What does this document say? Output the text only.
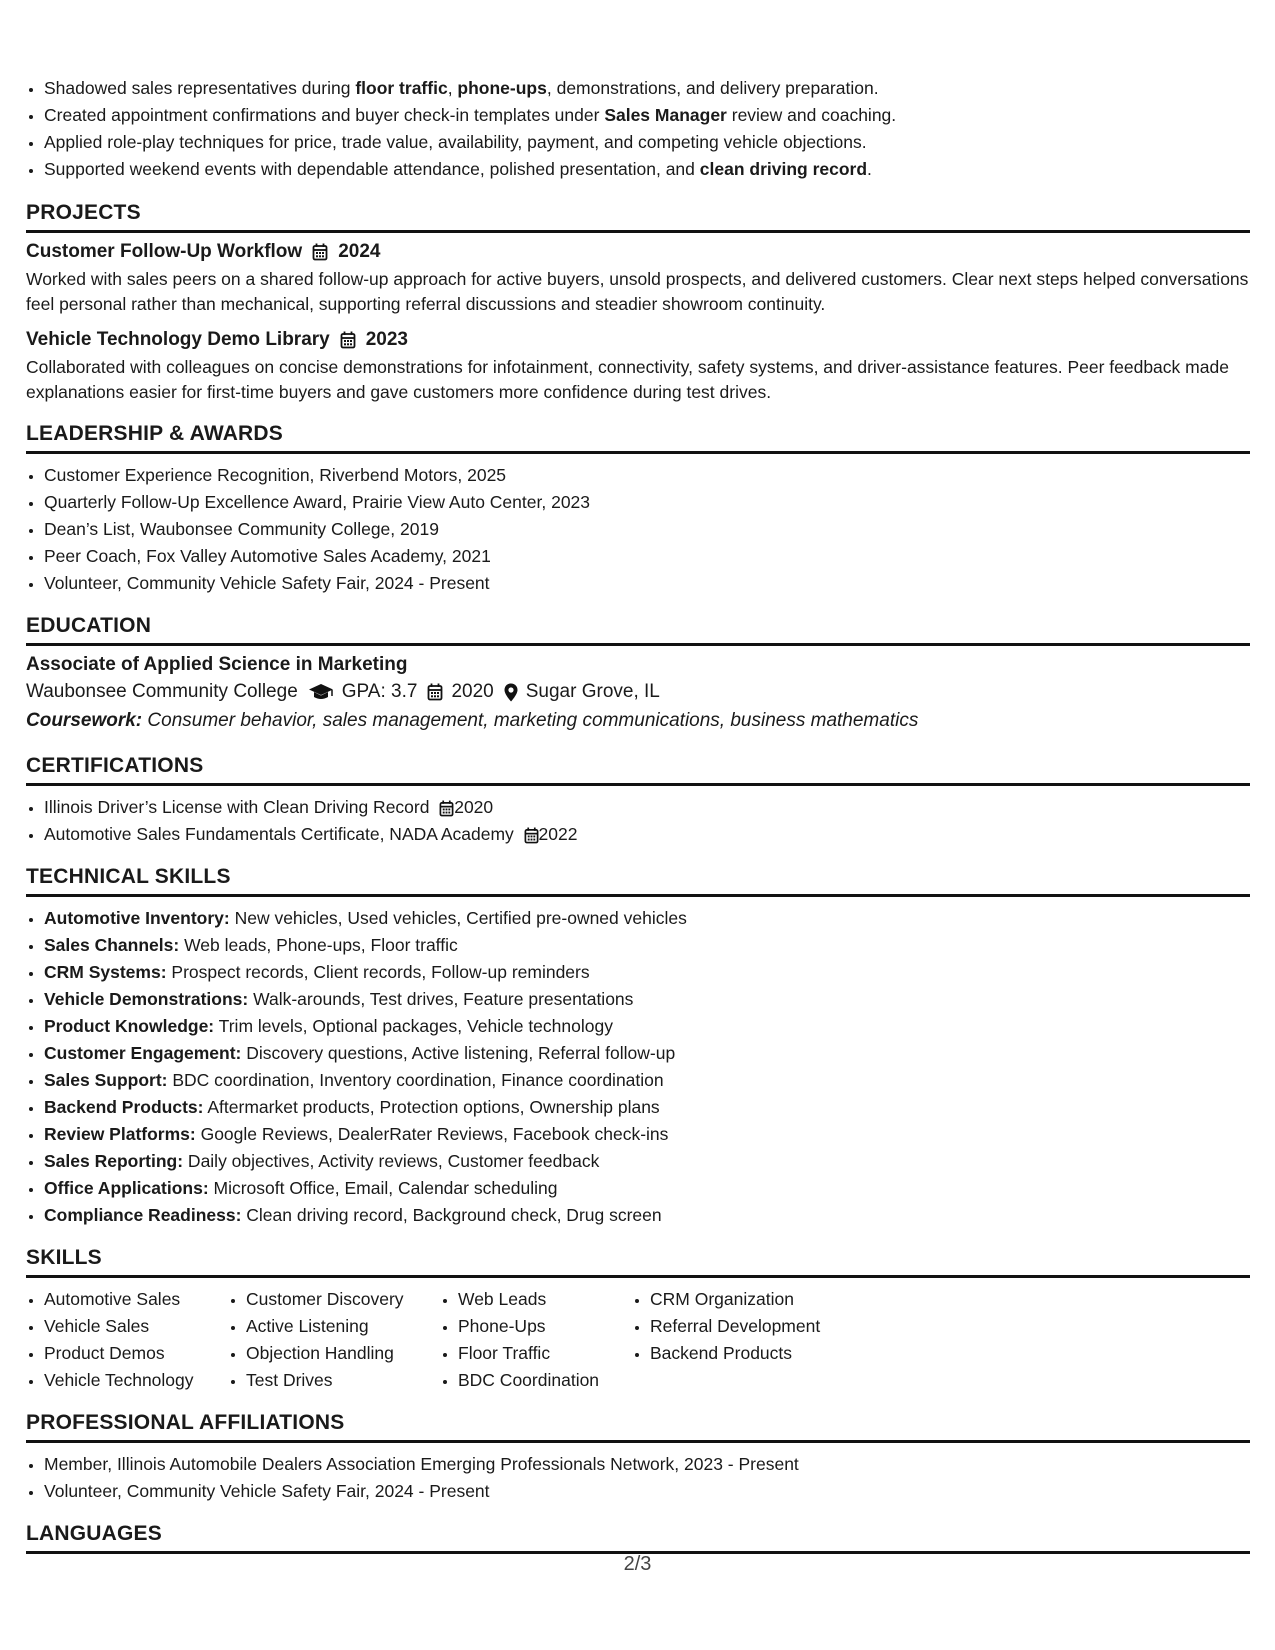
• Shadowed sales representatives during floor traffic, phone-ups, demonstrations, and delivery preparation.
• Created appointment confirmations and buyer check-in templates under Sales Manager review and coaching.
• Applied role-play techniques for price, trade value, availability, payment, and competing vehicle objections.
• Supported weekend events with dependable attendance, polished presentation, and clean driving record.
PROJECTS
Customer Follow-Up Workflow 2024
Worked with sales peers on a shared follow-up approach for active buyers, unsold prospects, and delivered customers. Clear next steps helped conversations feel personal rather than mechanical, supporting referral discussions and steadier showroom continuity.
Vehicle Technology Demo Library 2023
Collaborated with colleagues on concise demonstrations for infotainment, connectivity, safety systems, and driver-assistance features. Peer feedback made explanations easier for first-time buyers and gave customers more confidence during test drives.
LEADERSHIP & AWARDS
• Customer Experience Recognition, Riverbend Motors, 2025
• Quarterly Follow-Up Excellence Award, Prairie View Auto Center, 2023
• Dean’s List, Waubonsee Community College, 2019
• Peer Coach, Fox Valley Automotive Sales Academy, 2021
• Volunteer, Community Vehicle Safety Fair, 2024 - Present
EDUCATION
Associate of Applied Science in Marketing
Waubonsee Community College GPA: 3.7 2020 Sugar Grove, IL
Coursework: Consumer behavior, sales management, marketing communications, business mathematics
CERTIFICATIONS
• Illinois Driver’s License with Clean Driving Record 2020
• Automotive Sales Fundamentals Certificate, NADA Academy 2022
TECHNICAL SKILLS
• Automotive Inventory: New vehicles, Used vehicles, Certified pre-owned vehicles
• Sales Channels: Web leads, Phone-ups, Floor traffic
• CRM Systems: Prospect records, Client records, Follow-up reminders
• Vehicle Demonstrations: Walk-arounds, Test drives, Feature presentations
• Product Knowledge: Trim levels, Optional packages, Vehicle technology
• Customer Engagement: Discovery questions, Active listening, Referral follow-up
• Sales Support: BDC coordination, Inventory coordination, Finance coordination
• Backend Products: Aftermarket products, Protection options, Ownership plans
• Review Platforms: Google Reviews, DealerRater Reviews, Facebook check-ins
• Sales Reporting: Daily objectives, Activity reviews, Customer feedback
• Office Applications: Microsoft Office, Email, Calendar scheduling
• Compliance Readiness: Clean driving record, Background check, Drug screen
SKILLS
• Automotive Sales
• Vehicle Sales
• Product Demos
• Vehicle Technology
• Customer Discovery
• Active Listening
• Objection Handling
• Test Drives
• Web Leads
• Phone-Ups
• Floor Traffic
• BDC Coordination
• CRM Organization
• Referral Development
• Backend Products
PROFESSIONAL AFFILIATIONS
• Member, Illinois Automobile Dealers Association Emerging Professionals Network, 2023 - Present
• Volunteer, Community Vehicle Safety Fair, 2024 - Present
LANGUAGES
2/3
